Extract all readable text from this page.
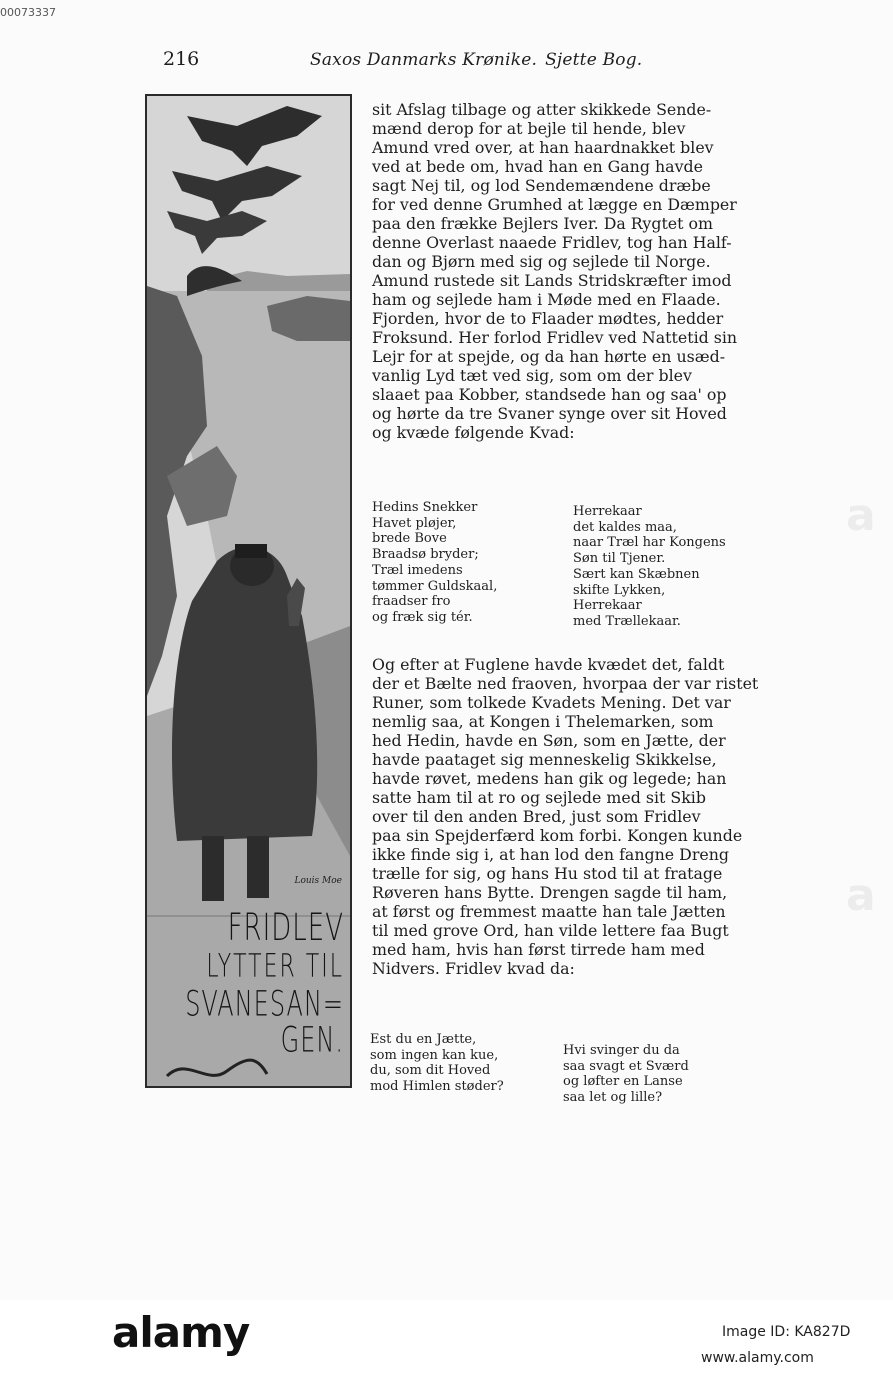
00073337
216	Saxos Danmarks Krønike. Sjette Bog.
Louis Moe
FRIDLEV
LYTTER TIL
SVANESAN=
GEN.

sit Afslag tilbage og atter skikkede Sende-

mænd derop for at bejle til hende, blev

Amund vred over, at han haardnakket blev

ved at bede om, hvad han en Gang havde

sagt Nej til, og lod Sendemændene dræbe

for ved denne Grumhed at lægge en Dæmper

paa den frække Bejlers Iver. Da Rygtet om

denne Overlast naaede Fridlev, tog han Half-

dan og Bjørn med sig og sejlede til Norge.

Amund rustede sit Lands Stridskræfter imod

ham og sejlede ham i Møde med en Flaade.

Fjorden, hvor de to Flaader mødtes, hedder

Froksund. Her forlod Fridlev ved Nattetid sin

Lejr for at spejde, og da han hørte en usæd-

vanlig Lyd tæt ved sig, som om der blev

slaaet paa Kobber, standsede han og saa' op

og hørte da tre Svaner synge over sit Hoved

og kvæde følgende Kvad:

Hedins Snekker
Havet pløjer,
brede Bove
Braadsø bryder;
Træl imedens
tømmer Guldskaal,
fraadser fro
og fræk sig tér.
Herrekaar
det kaldes maa,
naar Træl har Kongens
Søn til Tjener.
Sært kan Skæbnen
skifte Lykken,
Herrekaar
med Trællekaar.

Og efter at Fuglene havde kvædet det, faldt

der et Bælte ned fraoven, hvorpaa der var ristet

Runer, som tolkede Kvadets Mening. Det var

nemlig saa, at Kongen i Thelemarken, som

hed Hedin, havde en Søn, som en Jætte, der

havde paataget sig menneskelig Skikkelse,

havde røvet, medens han gik og legede; han

satte ham til at ro og sejlede med sit Skib

over til den anden Bred, just som Fridlev

paa sin Spejderfærd kom forbi. Kongen kunde

ikke finde sig i, at han lod den fangne Dreng

trælle for sig, og hans Hu stod til at fratage

Røveren hans Bytte. Drengen sagde til ham,

at først og fremmest maatte han tale Jætten

til med grove Ord, han vilde lettere faa Bugt

med ham, hvis han først tirrede ham med

Nidvers. Fridlev kvad da:

Est du en Jætte,
som ingen kan kue,
du, som dit Hoved
mod Himlen støder?
Hvi svinger du da
saa svagt et Sværd
og løfter en Lanse
saa let og lille?
a
a
alamy	Image ID: KA827D
www.alamy.com
